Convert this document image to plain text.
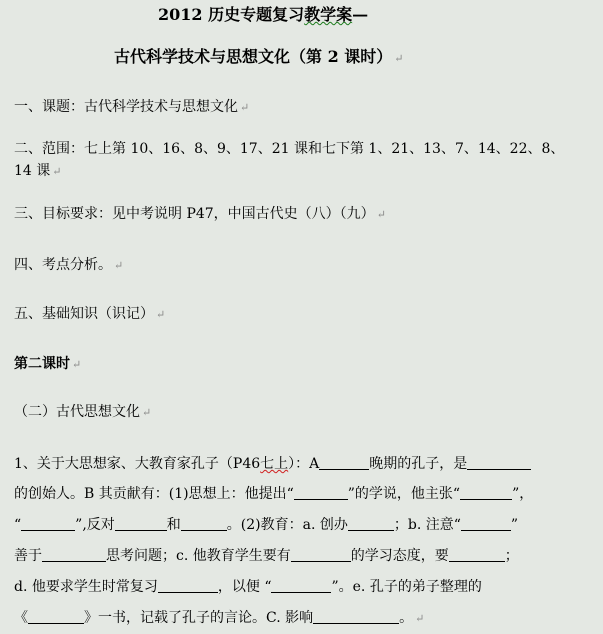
2012 历史专题复习教学案—
古代科学技术与思想文化（第 2 课时） ↵
一、课题：古代科学技术与思想文化 ↵
二、范围：七上第 10、16、8、9、17、21 课和七下第 1、21、13、7、14、22、8、
14 课 ↵
三、目标要求：见中考说明 P47，中国古代史（八）（九） ↵
四、考点分析。 ↵
五、基础知识（识记） ↵
第二课时 ↵
（二）古代思想文化 ↵
1、关于大思想家、大教育家孔子（P46七上）：A	晚期的孔子，是
的创始人。B 其贡献有：(1)思想上：他提出“	”的学说，他主张“	”，
“	”,反对	和	。(2)教育：a. 创办	；b. 注意“	”
善于	思考问题；c. 他教育学生要有	的学习态度，要	；
d. 他要求学生时常复习	，以便 “	”。e. 孔子的弟子整理的
《	》一书，记载了孔子的言论。C. 影响	。 ↵
